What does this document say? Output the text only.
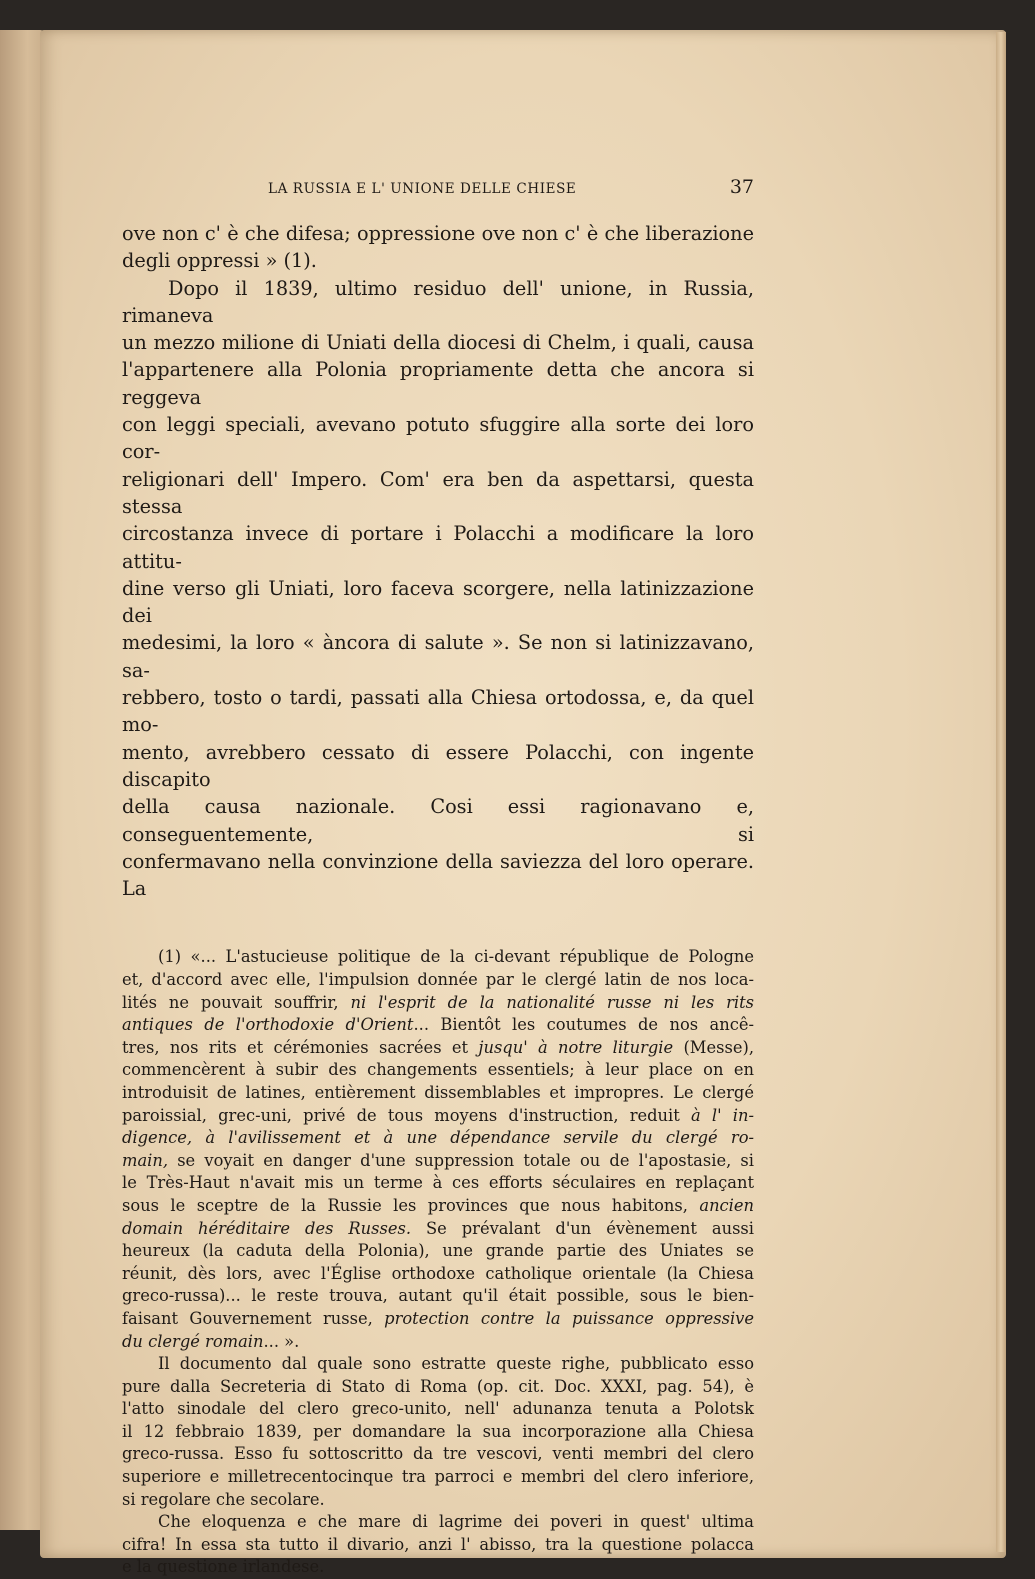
LA RUSSIA E L' UNIONE DELLE CHIESE	37

ove non c' è che difesa; oppressione ove non c' è che liberazione

degli oppressi » (1).

Dopo il 1839, ultimo residuo dell' unione, in Russia, rimaneva

un mezzo milione di Uniati della diocesi di Chelm, i quali, causa

l'appartenere alla Polonia propriamente detta che ancora si reggeva

con leggi speciali, avevano potuto sfuggire alla sorte dei loro cor-

religionari dell' Impero. Com' era ben da aspettarsi, questa stessa

circostanza invece di portare i Polacchi a modificare la loro attitu-

dine verso gli Uniati, loro faceva scorgere, nella latinizzazione dei

medesimi, la loro « àncora di salute ». Se non si latinizzavano, sa-

rebbero, tosto o tardi, passati alla Chiesa ortodossa, e, da quel mo-

mento, avrebbero cessato di essere Polacchi, con ingente discapito

della causa nazionale. Cosi essi ragionavano e, conseguentemente, si

confermavano nella convinzione della saviezza del loro operare. La

(1) «... L'astucieuse politique de la ci-devant république de Pologne

et, d'accord avec elle, l'impulsion donnée par le clergé latin de nos loca-

lités ne pouvait souffrir, ni l'esprit de la nationalité russe ni les rits

antiques de l'orthodoxie d'Orient... Bientôt les coutumes de nos ancê-

tres, nos rits et cérémonies sacrées et jusqu' à notre liturgie (Messe),

commencèrent à subir des changements essentiels; à leur place on en

introduisit de latines, entièrement dissemblables et impropres. Le clergé

paroissial, grec-uni, privé de tous moyens d'instruction, reduit à l' in-

digence, à l'avilissement et à une dépendance servile du clergé ro-

main, se voyait en danger d'une suppression totale ou de l'apostasie, si

le Très-Haut n'avait mis un terme à ces efforts séculaires en replaçant

sous le sceptre de la Russie les provinces que nous habitons, ancien

domain héréditaire des Russes. Se prévalant d'un évènement aussi

heureux (la caduta della Polonia), une grande partie des Uniates se

réunit, dès lors, avec l'Église orthodoxe catholique orientale (la Chiesa

greco-russa)... le reste trouva, autant qu'il était possible, sous le bien-

faisant Gouvernement russe, protection contre la puissance oppressive

du clergé romain... ».

Il documento dal quale sono estratte queste righe, pubblicato esso

pure dalla Secreteria di Stato di Roma (op. cit. Doc. XXXI, pag. 54), è

l'atto sinodale del clero greco-unito, nell' adunanza tenuta a Polotsk

il 12 febbraio 1839, per domandare la sua incorporazione alla Chiesa

greco-russa. Esso fu sottoscritto da tre vescovi, venti membri del clero

superiore e milletrecentocinque tra parroci e membri del clero inferiore,

si regolare che secolare.

Che eloquenza e che mare di lagrime dei poveri in quest' ultima

cifra! In essa sta tutto il divario, anzi l' abisso, tra la questione polacca

e la questione irlandese.
